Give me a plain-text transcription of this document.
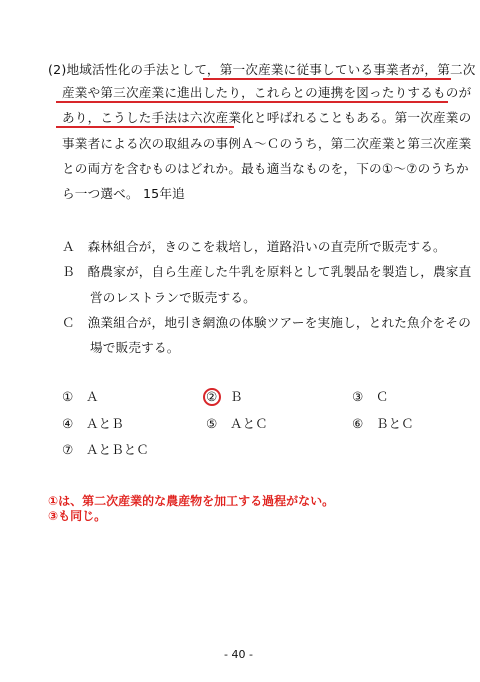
(2)地域活性化の手法として，第一次産業に従事している事業者が，第二次
産業や第三次産業に進出したり，これらとの連携を図ったりするものが
あり，こうした手法は六次産業化と呼ばれることもある。第一次産業の
事業者による次の取組みの事例Ａ～Ｃのうち，第二次産業と第三次産業
との両方を含むものはどれか。最も適当なものを，下の①～⑦のうちか
ら一つ選べ。 15年追
Ａ　森林組合が，きのこを栽培し，道路沿いの直売所で販売する。
Ｂ　酪農家が，自ら生産した牛乳を原料として乳製品を製造し，農家直
営のレストランで販売する。
Ｃ　漁業組合が，地引き網漁の体験ツアーを実施し，とれた魚介をその
場で販売する。
①  Ａ	②  Ｂ	③  Ｃ
④  ＡとＢ	⑤  ＡとＣ	⑥  ＢとＣ
⑦  ＡとＢとＣ
①は、第二次産業的な農産物を加工する過程がない。
③も同じ。
- 40 -
